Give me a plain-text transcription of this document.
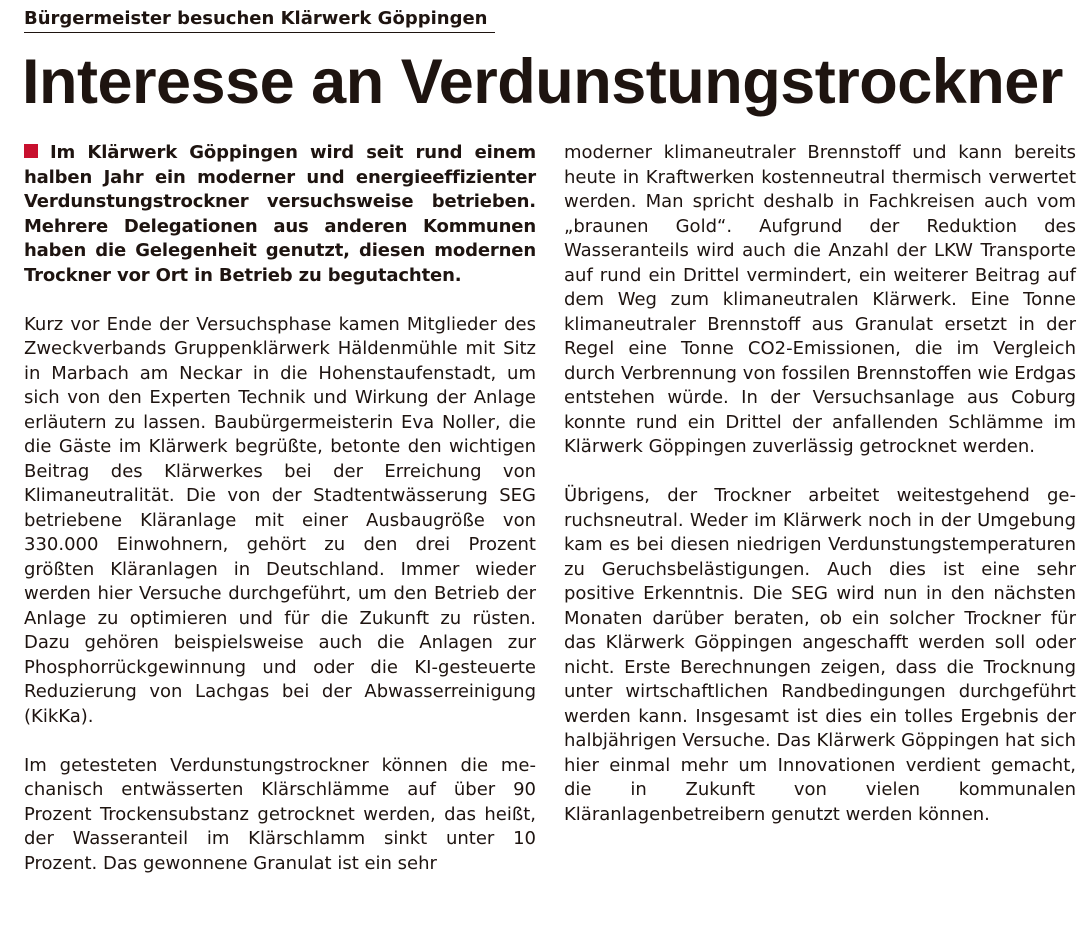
Bürgermeister besuchen Klärwerk Göppingen
Interesse an Verdunstungstrockner

Im Klärwerk Göppingen wird seit rund einem halben Jahr ein moderner und energieeffizienter Verdunstungstrockner versuchsweise betrieben. Mehrere Delegationen aus anderen Kommunen haben die Gelegenheit genutzt, diesen modernen Trockner vor Ort in Betrieb zu begutachten.

Kurz vor Ende der Versuchsphase kamen Mitglieder des Zweckverbands Gruppenklärwerk Häldenmühle mit Sitz in Marbach am Neckar in die Hohenstaufenstadt, um sich von den Experten Technik und Wirkung der Anlage erläutern zu lassen. Baubürgermeisterin Eva Noller, die die Gäste im Klärwerk begrüßte, betonte den wichtigen Beitrag des Klärwerkes bei der Erreichung von Klimaneutralität. Die von der Stadtentwässerung SEG betriebene Kläranlage mit einer Ausbaugröße von 330.000 Einwohnern, gehört zu den drei Prozent größten Kläranlagen in Deutschland. Immer wieder werden hier Versuche durchgeführt, um den Betrieb der Anlage zu optimieren und für die Zukunft zu rüsten. Dazu gehören beispielsweise auch die Anlagen zur Phosphorrückgewinnung und oder die KI-gesteuerte Reduzierung von Lachgas bei der Abwasserreinigung (KikKa).

Im getesteten Verdunstungstrockner können die mechanisch entwässerten Klärschlämme auf über 90 Prozent Trockensubstanz getrocknet werden, das heißt, der Wasseranteil im Klärschlamm sinkt unter 10 Prozent. Das gewonnene Granulat ist ein sehr

moderner klimaneutraler Brennstoff und kann bereits heute in Kraftwerken kostenneutral thermisch verwertet werden. Man spricht deshalb in Fachkreisen auch vom „braunen Gold“. Aufgrund der Reduktion des Wasseranteils wird auch die Anzahl der LKW Transporte auf rund ein Drittel vermindert, ein weiterer Beitrag auf dem Weg zum klimaneutralen Klärwerk. Eine Tonne klimaneutraler Brennstoff aus Granulat ersetzt in der Regel eine Tonne CO2-Emissionen, die im Vergleich durch Verbrennung von fossilen Brennstoffen wie Erdgas entstehen würde. In der Versuchsanlage aus Coburg konnte rund ein Drittel der anfallenden Schlämme im Klärwerk Göppingen zuverlässig getrocknet werden.

Übrigens, der Trockner arbeitet weitestgehend geruchsneutral. Weder im Klärwerk noch in der Umgebung kam es bei diesen niedrigen Verdunstungstemperaturen zu Geruchsbelästigungen. Auch dies ist eine sehr positive Erkenntnis. Die SEG wird nun in den nächsten Monaten darüber beraten, ob ein solcher Trockner für das Klärwerk Göppingen angeschafft werden soll oder nicht. Erste Berechnungen zeigen, dass die Trocknung unter wirtschaftlichen Randbedingungen durchgeführt werden kann. Insgesamt ist dies ein tolles Ergebnis der halbjährigen Versuche. Das Klärwerk Göppingen hat sich hier einmal mehr um Innovationen verdient gemacht, die in Zukunft von vielen kommunalen Kläranlagenbetreibern genutzt werden können.
